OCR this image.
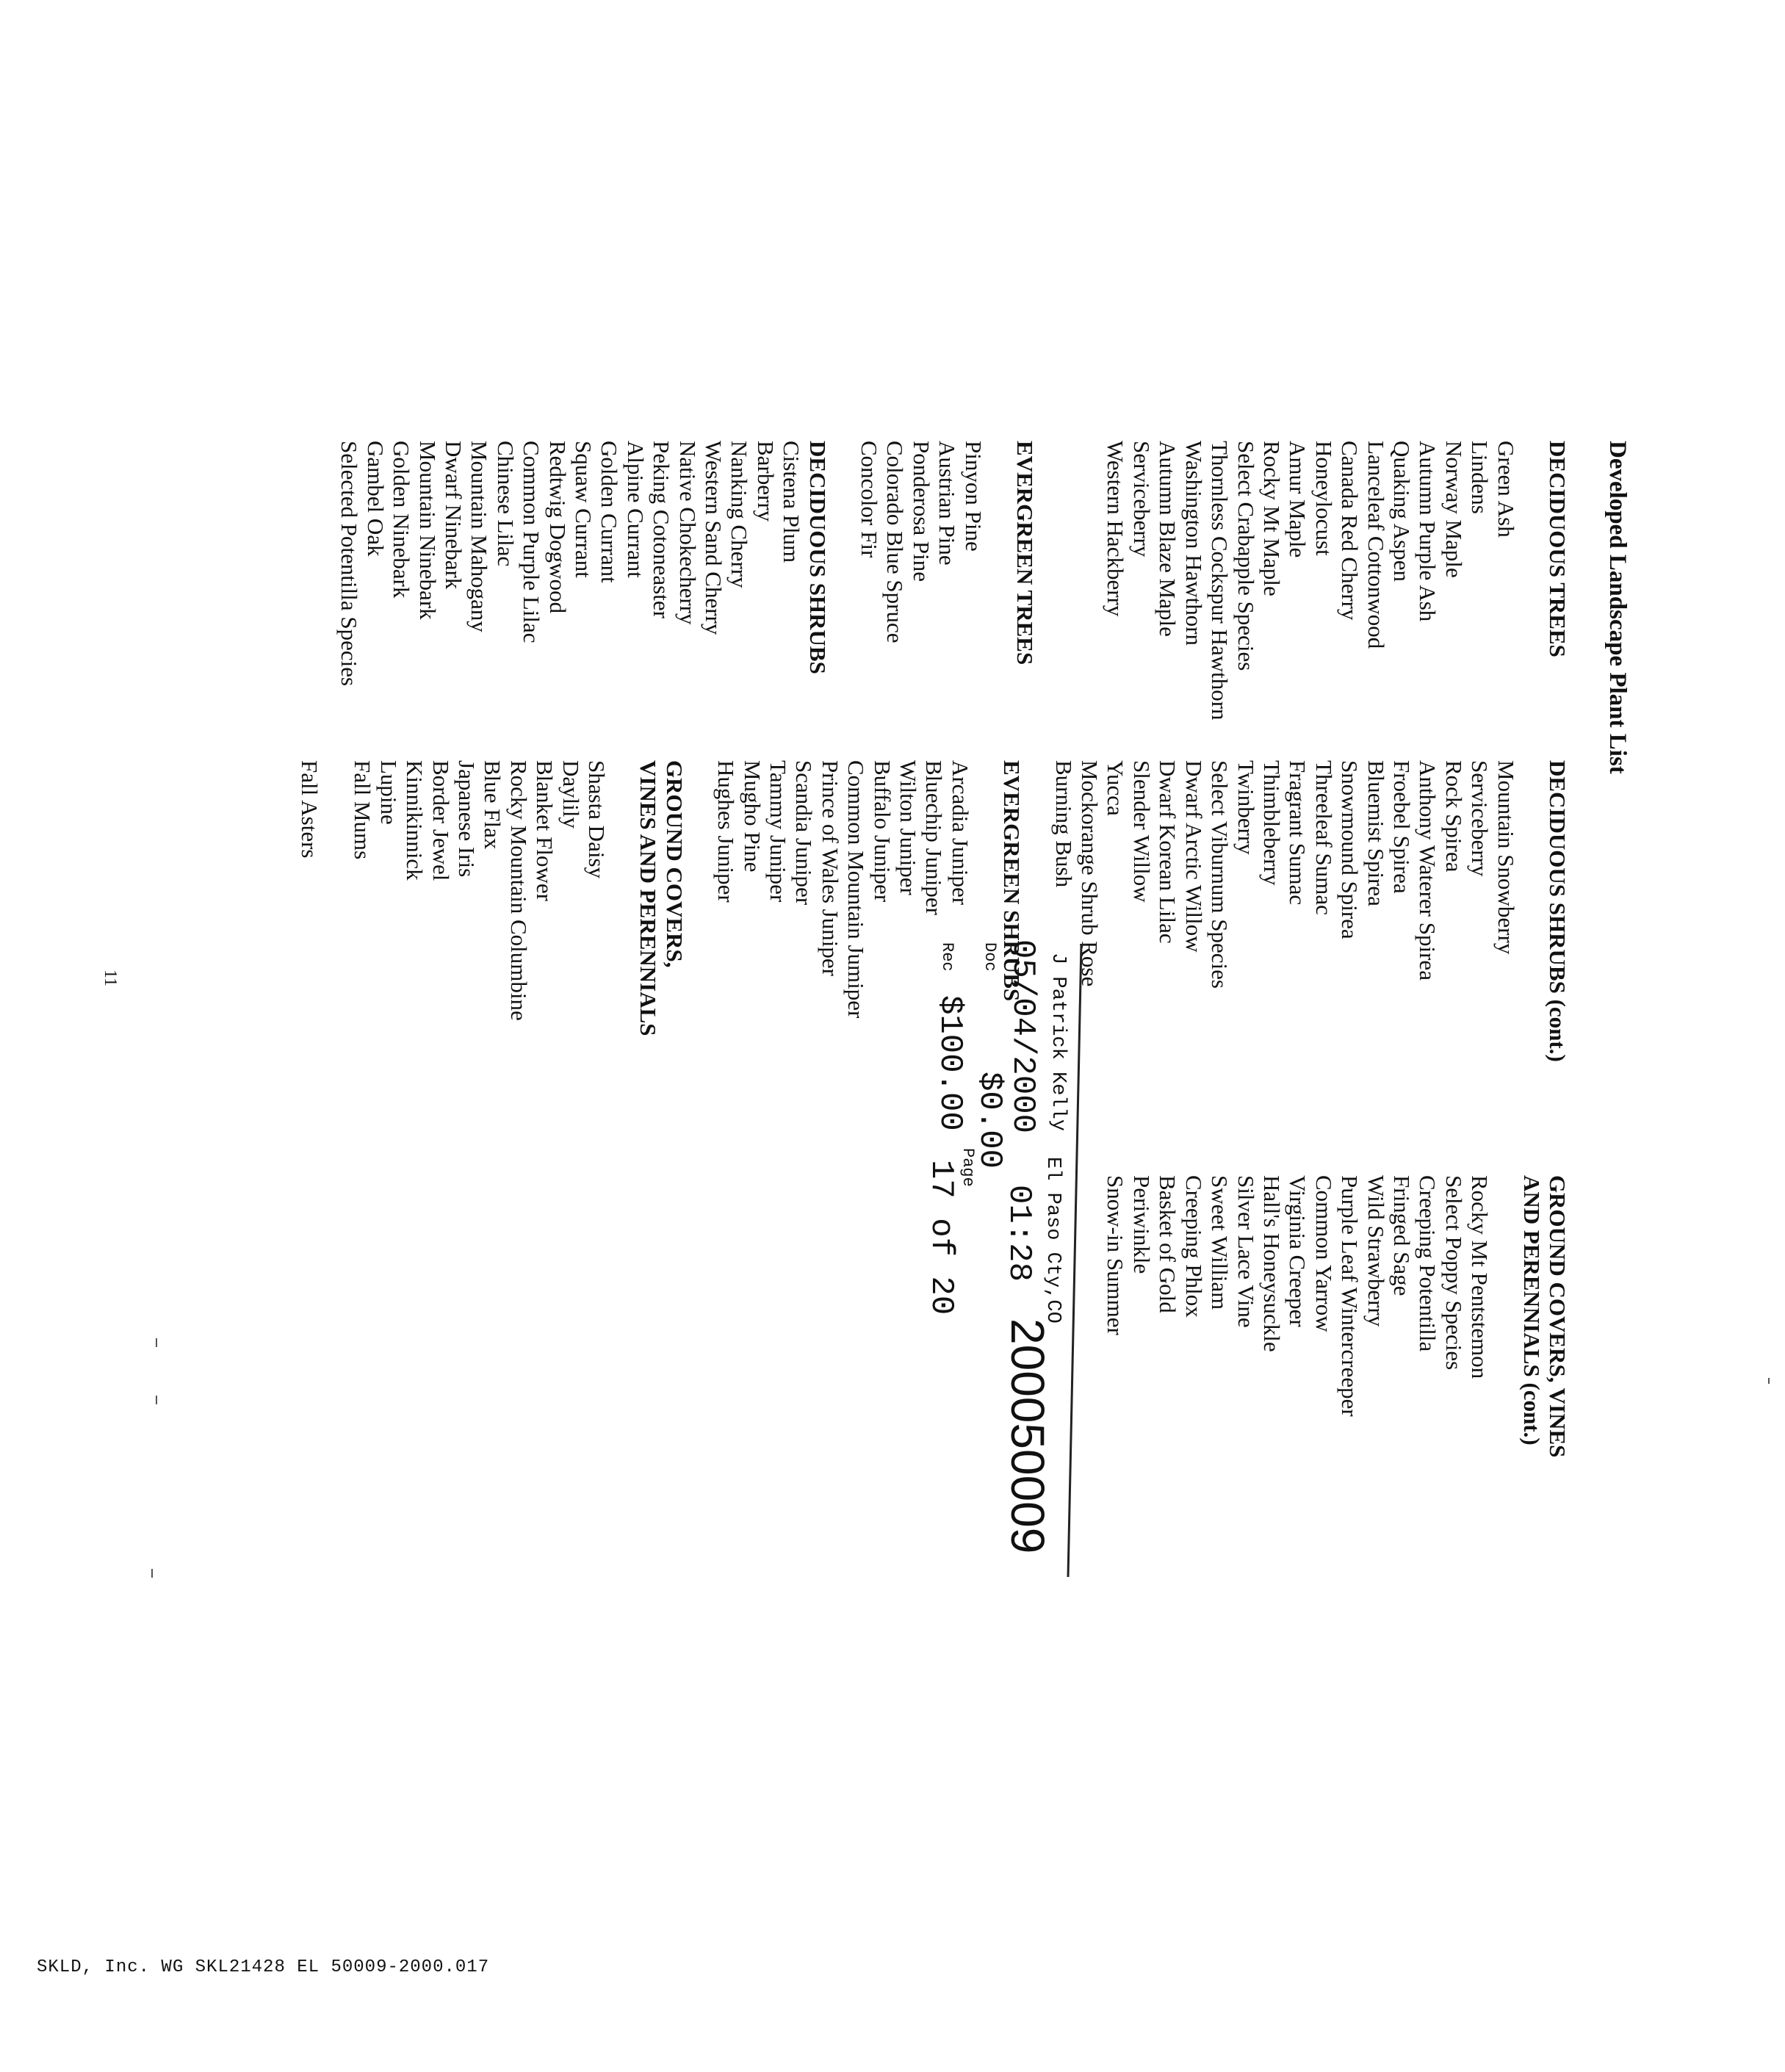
Developed Landscape Plant List
DECIDUOUS TREES
Green Ash
Lindens
Norway Maple
Autumn Purple Ash
Quaking Aspen
Lanceleaf Cottonwood
Canada Red Cherry
Honeylocust
Amur Maple
Rocky Mt Maple
Select Crabapple Species
Thornless Cockspur Hawthorn
Washington Hawthorn
Autumn Blaze Maple
Serviceberry
Western Hackberry
EVERGREEN TREES
Pinyon Pine
Austrian Pine
Ponderosa Pine
Colorado Blue Spruce
Concolor Fir
DECIDUOUS SHRUBS
Cistena Plum
Barberry
Nanking Cherry
Western Sand Cherry
Native Chokecherry
Peking Cotoneaster
Alpine Currant
Golden Currant
Squaw Currant
Redtwig Dogwood
Common Purple Lilac
Chinese Lilac
Mountain Mahogany
Dwarf Ninebark
Mountain Ninebark
Golden Ninebark
Gambel Oak
Selected Potentilla Species
Fall Asters	DECIDUOUS SHRUBS (cont.)
Mountain Snowberry
Serviceberry
Rock Spirea
Anthony Waterer Spirea
Froebel Spirea
Bluemist Spirea
Snowmound Spirea
Threeleaf Sumac
Fragrant Sumac
Thimbleberry
Twinberry
Select Viburnum Species
Dwarf Arctic Willow
Dwarf Korean Lilac
Slender Willow
Yucca
Mockorange Shrub Rose
Burning Bush
EVERGREEN SHRUBS
Arcadia Juniper
Bluechip Juniper
Wilton Juniper
Buffalo Juniper
Common Mountain Jumiper
Prince of Wales Juniper
Scandia Juniper
Tammy Juniper
Mugho Pine
Hughes Juniper
GROUND COVERS,
VINES AND PERENNIALS
Shasta Daisy
Daylily
Blanket Flower
Rocky Mountain Columbine
Blue Flax
Japanese Iris
Border Jewel
Kinnikinnick
Lupine
Fall Mums
GROUND COVERS, VINES
AND PERENNIALS (cont.)
Rocky Mt Pentstemon
Select Poppy Species
Creeping Potentilla
Fringed Sage
Wild Strawberry
Purple Leaf Wintercreeper
Common Yarrow
Virginia Creeper
Hall's Honeysuckle
Silver Lace Vine
Sweet William
Creeping Phlox
Basket of Gold
Periwinkle
Snow-in Summer
J Patrick Kelly
El Paso Cty,CO
200050009
05/04/2000
01:28
Doc
$0.00
Page
Rec
$100.00
17 of 20
11
SKLD, Inc. WG SKL21428 EL 50009-2000.017
